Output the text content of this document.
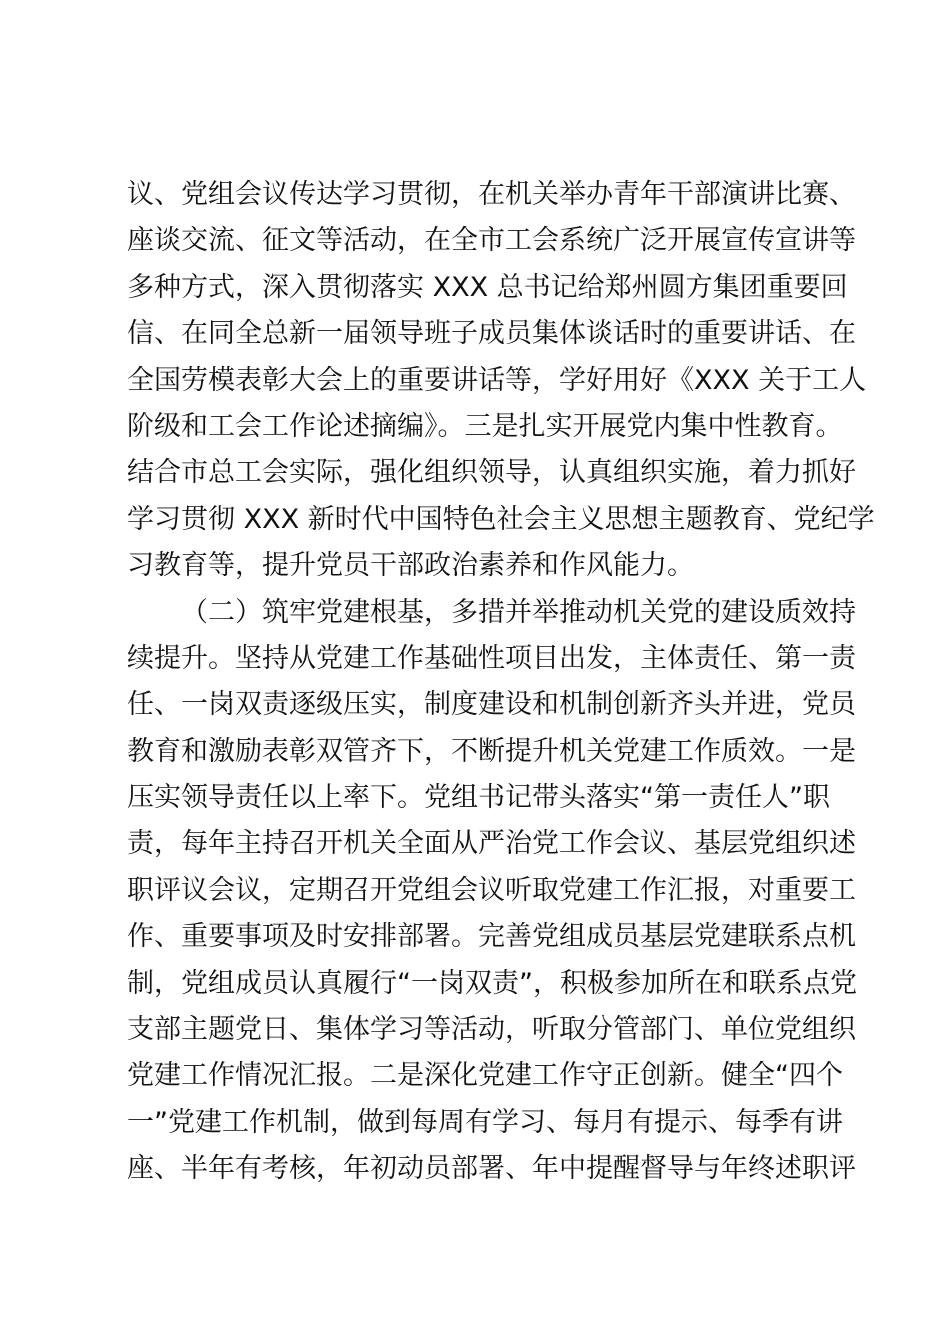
议、党组会议传达学习贯彻，在机关举办青年干部演讲比赛、
座谈交流、征文等活动，在全市工会系统广泛开展宣传宣讲等
多种方式，深入贯彻落实 XXX 总书记给郑州圆方集团重要回
信、在同全总新一届领导班子成员集体谈话时的重要讲话、在
全国劳模表彰大会上的重要讲话等，学好用好《XXX 关于工人
阶级和工会工作论述摘编》。三是扎实开展党内集中性教育。
结合市总工会实际，强化组织领导，认真组织实施，着力抓好
学习贯彻 XXX 新时代中国特色社会主义思想主题教育、党纪学
习教育等，提升党员干部政治素养和作风能力。
（二）筑牢党建根基，多措并举推动机关党的建设质效持
续提升。坚持从党建工作基础性项目出发，主体责任、第一责
任、一岗双责逐级压实，制度建设和机制创新齐头并进，党员
教育和激励表彰双管齐下，不断提升机关党建工作质效。一是
压实领导责任以上率下。党组书记带头落实“第一责任人”职
责，每年主持召开机关全面从严治党工作会议、基层党组织述
职评议会议，定期召开党组会议听取党建工作汇报，对重要工
作、重要事项及时安排部署。完善党组成员基层党建联系点机
制，党组成员认真履行“一岗双责”，积极参加所在和联系点党
支部主题党日、集体学习等活动，听取分管部门、单位党组织
党建工作情况汇报。二是深化党建工作守正创新。健全“四个
一”党建工作机制，做到每周有学习、每月有提示、每季有讲
座、半年有考核，年初动员部署、年中提醒督导与年终述职评
